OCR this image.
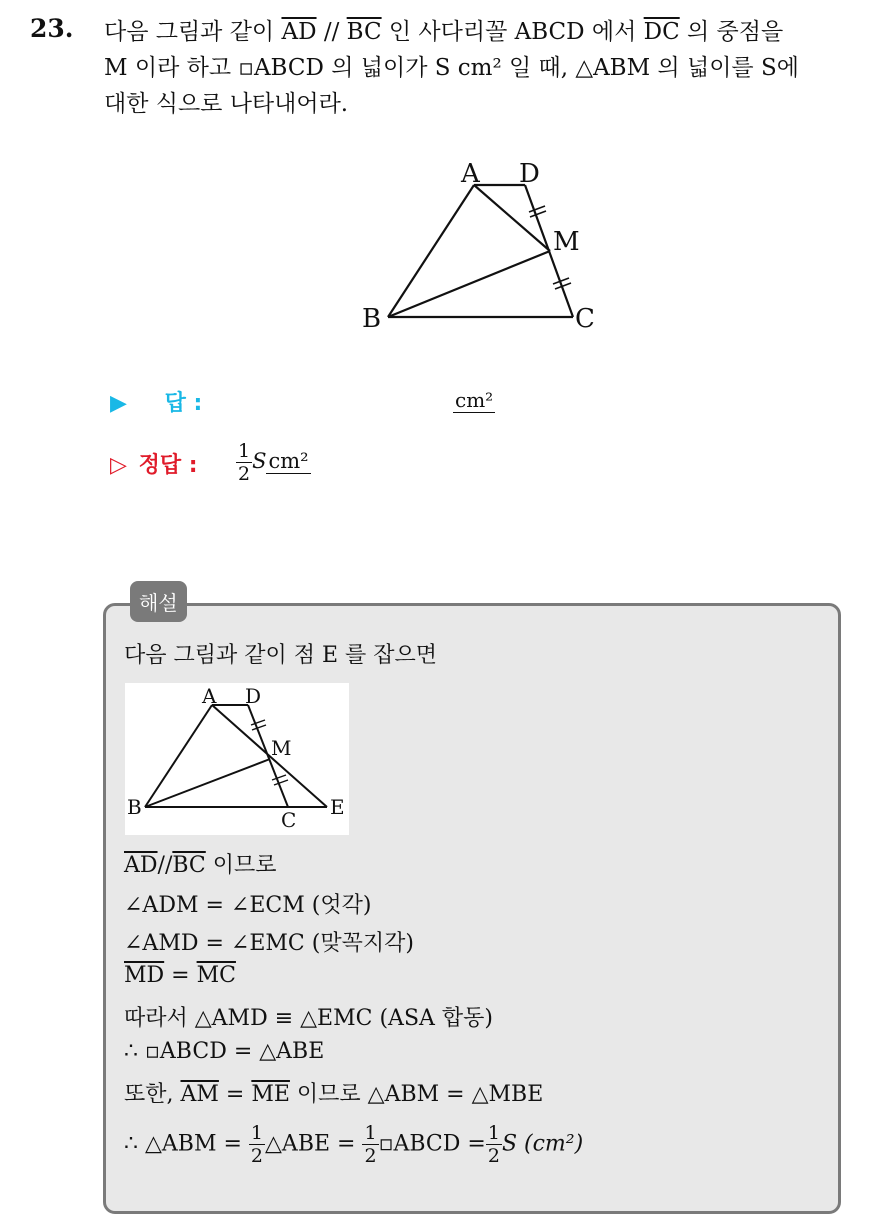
23. 다음 그림과 같이 $\overline{AD} // \overline{BC}$ 인 사다리꼴 ABCD 에서 $\overline{DC}$ 의 중점을
M 이라 하고 ▫ABCD 의 넓이가 S cm² 일 때, △ABM 의 넓이를 S에
대한 식으로 나타내어라.
A D
M
B	C
▶ 답 :	cm²
▷ 정답 : $\frac{1}{2} Scm^2$
해설
다음 그림과 같이 점 E 를 잡으면
A D
M
B
C
E
$\overline{AD}//\overline{BC}$ 이므로
∠ADM = ∠ECM (엇각)
∠AMD = ∠EMC (맞꼭지각)
$\overline{MD} = \overline{MC}$
따라서 △AMD ≡ △EMC (ASA 합동)
∴ ▫ABCD = △ABE
또한, $\overline{AM} = \overline{ME}$ 이므로 △ABM = △MBE
∴ △ABM = $\frac{1}{2}$ △ABE = $\frac{1}{2}$ ▫ABCD = $\frac{1}{2}$ S (cm²)
